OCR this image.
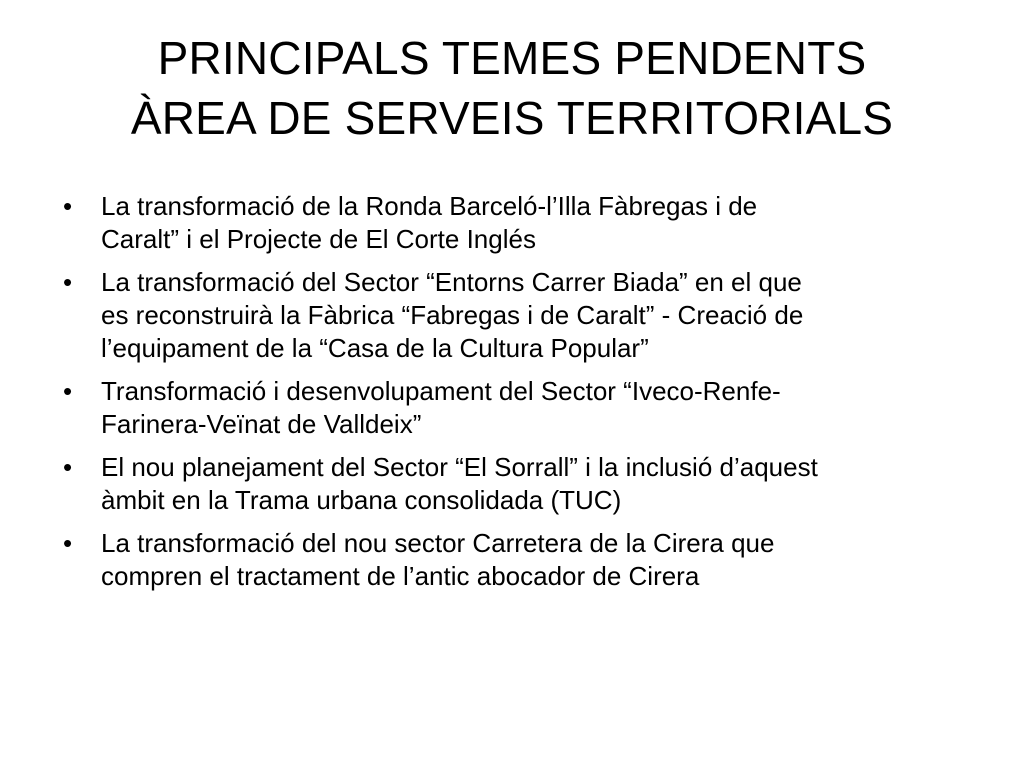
PRINCIPALS TEMES PENDENTS
ÀREA DE SERVEIS TERRITORIALS
• La transformació de la Ronda Barceló-l’Illa Fàbregas i de
Caralt” i el Projecte de El Corte Inglés
• La transformació del Sector “Entorns Carrer Biada” en el que
es reconstruirà la Fàbrica “Fabregas i de Caralt” - Creació de
l’equipament de la “Casa de la Cultura Popular”
• Transformació i desenvolupament del Sector “Iveco-Renfe-
Farinera-Veïnat de Valldeix”
• El nou planejament del Sector “El Sorrall” i la inclusió d’aquest
àmbit en la Trama urbana consolidada (TUC)
• La transformació del nou sector Carretera de la Cirera que
compren el tractament de l’antic abocador de Cirera
